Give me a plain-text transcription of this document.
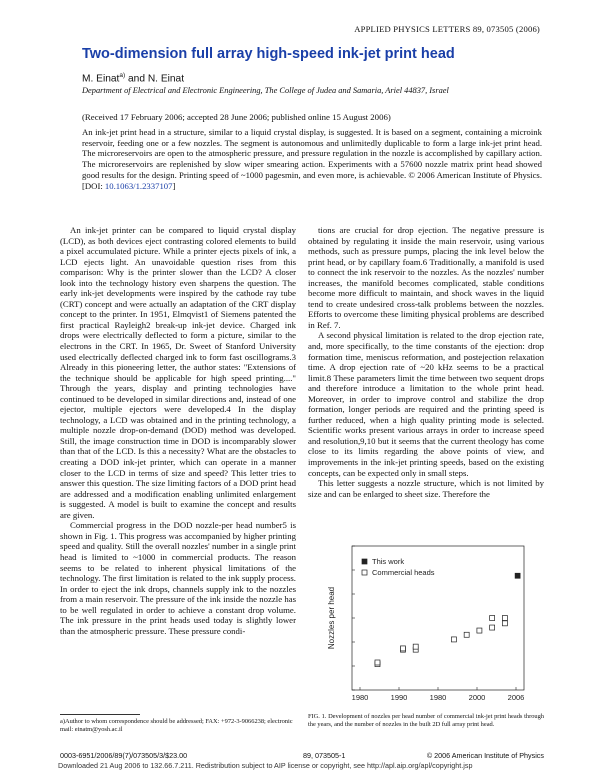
APPLIED PHYSICS LETTERS 89, 073505 (2006)
Two-dimension full array high-speed ink-jet print head
M. Einat$^{a)}$ and N. Einat
Department of Electrical and Electronic Engineering, The College of Judea and Samaria, Ariel 44837, Israel
(Received 17 February 2006; accepted 28 June 2006; published online 15 August 2006)
An ink-jet print head in a structure, similar to a liquid crystal display, is suggested. It is based on a segment, containing a microink reservoir, feeding one or a few nozzles. The segment is autonomous and unlimitedly duplicable to form a large ink-jet print head. The microreservoirs are open to the atmospheric pressure, and pressure regulation in the nozzle is accomplished by capillary action. The microreservoirs are replenished by slow wiper smearing action. Experiments with a 57600 nozzle matrix print head showed good results for the design. Printing speed of ~1000 pagesmin, and even more, is achievable. © 2006 American Institute of Physics. [DOI: 10.1063/1.2337107]

An ink-jet printer can be compared to liquid crystal display (LCD), as both devices eject contrasting colored elements to build a pixel accumulated picture. While a printer ejects pixels of ink, a LCD ejects light. An unavoidable question rises from this comparison: Why is the printer slower than the LCD? A closer look into the technology history even sharpens the question. The early ink-jet developments were inspired by the cathode ray tube (CRT) concept and were actually an adaptation of the CRT display concept to the printer. In 1951, Elmqvist1 of Siemens patented the first practical Rayleigh2 break-up ink-jet device. Charged ink drops were electrically deflected to form a picture, similar to the electrons in the CRT. In 1965, Dr. Sweet of Stanford University used electrically deflected charged ink to form fast oscillograms.3 Already in this pioneering letter, the author states: "Extensions of the technique should be applicable for high speed printing...." Through the years, display and printing technologies have continued to be developed in similar directions and, instead of one ejector, multiple ejectors were developed.4 In the display technology, a LCD was obtained and in the printing technology, a multiple nozzle drop-on-demand (DOD) method was developed. Still, the image construction time in DOD is incomparably slower than that of the LCD. Is this a necessity? What are the obstacles to creating a DOD ink-jet printer, which can operate in a manner closer to the LCD in terms of size and speed? This letter tries to answer this question. The size limiting factors of a DOD print head are addressed and a modification enabling unlimited enlargement is suggested. A model is built to examine the concept and results are given.

Commercial progress in the DOD nozzle-per head number5 is shown in Fig. 1. This progress was accompanied by higher printing speed and quality. Still the overall nozzles' number in a single print head is limited to ~1000 in commercial products. The reason seems to be related to inherent physical limitations of the technology. The first limitation is related to the ink supply process. In order to eject the ink drops, channels supply ink to the nozzles from a main reservoir. The pressure of the ink inside the nozzle has to be well regulated in order to achieve a constant drop volume. The ink pressure in the print heads used today is slightly lower than the atmospheric pressure. These pressure condi-

tions are crucial for drop ejection. The negative pressure is obtained by regulating it inside the main reservoir, using various methods, such as pressure pumps, placing the ink level below the print head, or by capillary foam.6 Traditionally, a manifold is used to connect the ink reservoir to the nozzles. As the nozzles' number increases, the manifold becomes complicated, stable conditions become more difficult to maintain, and shock waves in the liquid tend to create undesired cross-talk problems between the nozzles. Efforts to overcome these limiting physical problems are described in Ref. 7.

A second physical limitation is related to the drop ejection rate, and, more specifically, to the time constants of the ejection: drop formation time, meniscus reformation, and postejection relaxation time. A drop ejection rate of ~20 kHz seems to be a practical limit.8 These parameters limit the time between two sequent drops and therefore introduce a limitation to the whole print head. Moreover, in order to improve control and stabilize the drop formation, longer periods are required and the printing speed is further reduced, when a high quality printing mode is selected. Scientific works present various arrays in order to increase speed and resolution,9,10 but it seems that the current theology has come close to its limits regarding the above points of view, and improvements in the ink-jet printing speeds, based on the existing concepts, can be expected only in small steps.

This letter suggests a nozzle structure, which is not limited by size and can be enlarged to sheet size. Therefore the

1980	1990	1980	2000	2006
Nozzles per head
This work
Commercial heads
FIG. 1. Development of nozzles per head number of commercial ink-jet print heads through the years, and the number of nozzles in the built 2D full array print head.
a)Author to whom correspondence should be addressed; FAX: +972-3-9066238; electronic mail: einatm@yosh.ac.il
0003-6951/2006/89(7)/073505/3/$23.00	89, 073505-1	© 2006 American Institute of Physics
Downloaded 21 Aug 2006 to 132.66.7.211. Redistribution subject to AIP license or copyright, see http://apl.aip.org/apl/copyright.jsp
